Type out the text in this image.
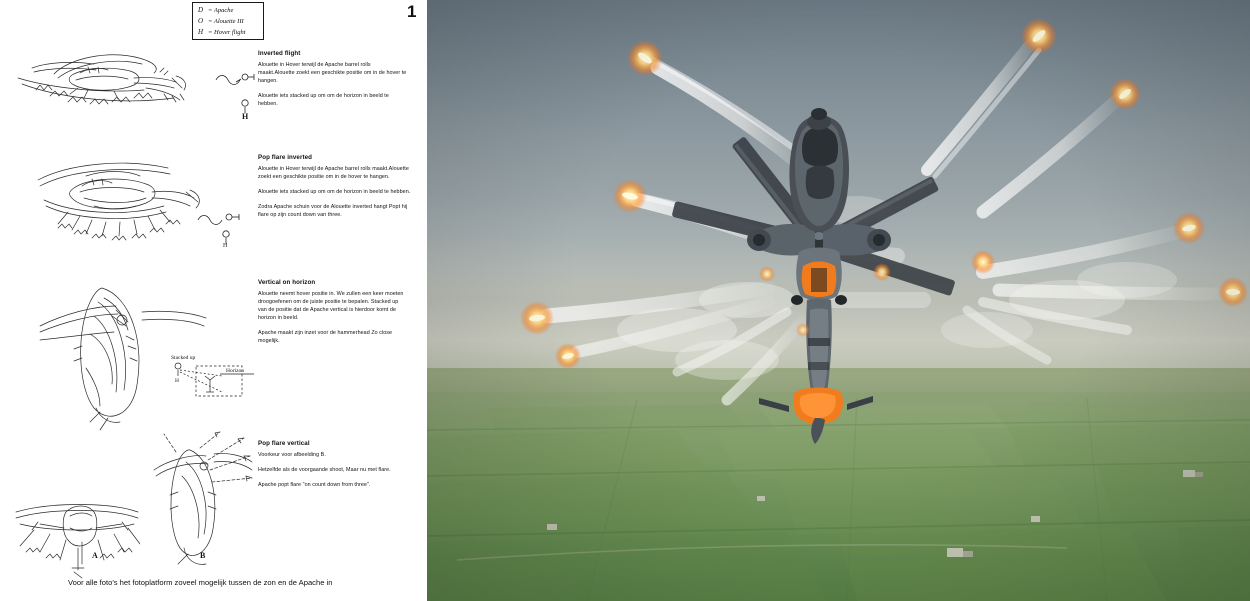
D = Apache
O = Alouette III
H = Hover flight
1
H
Inverted flight

Alouette in Hover terwijl de Apache barrel rolls maakt.Alouette zoekt een geschikte positie om in de hover te hangen.

Alouette iets stacked up om om de horizon in beeld te hebben.

H
Pop flare inverted

Alouette in Hover terwijl de Apache barrel rolls maakt.Alouette zoekt een geschikte positie om in de hover te hangen.

Alouette iets stacked up om om de horizon in beeld te hebben.

Zodra Apache schuin voor de Alouette inverted hangt Popt hij flare op zijn count down van three.

H
Stacked up
Horizon
Vertical on horizon

Alouette neemt hover positie in. We zullen een keer moeten droogoefenen om de juiste positie te bepalen. Stacked up van de positie dat de Apache vertical is hierdoor komt de horizon in beeld.

Apache maakt zijn inzet voor de hammerhead Zo close mogelijk.

A	B
Pop flare vertical

Voorkeur voor afbeelding B.

Hetzelfde als de voorgaande shoot, Maar nu met flare.

Apache popt flare "on count down from three".

Voor alle foto's het fotoplatform zoveel mogelijk tussen de zon en de Apache in
